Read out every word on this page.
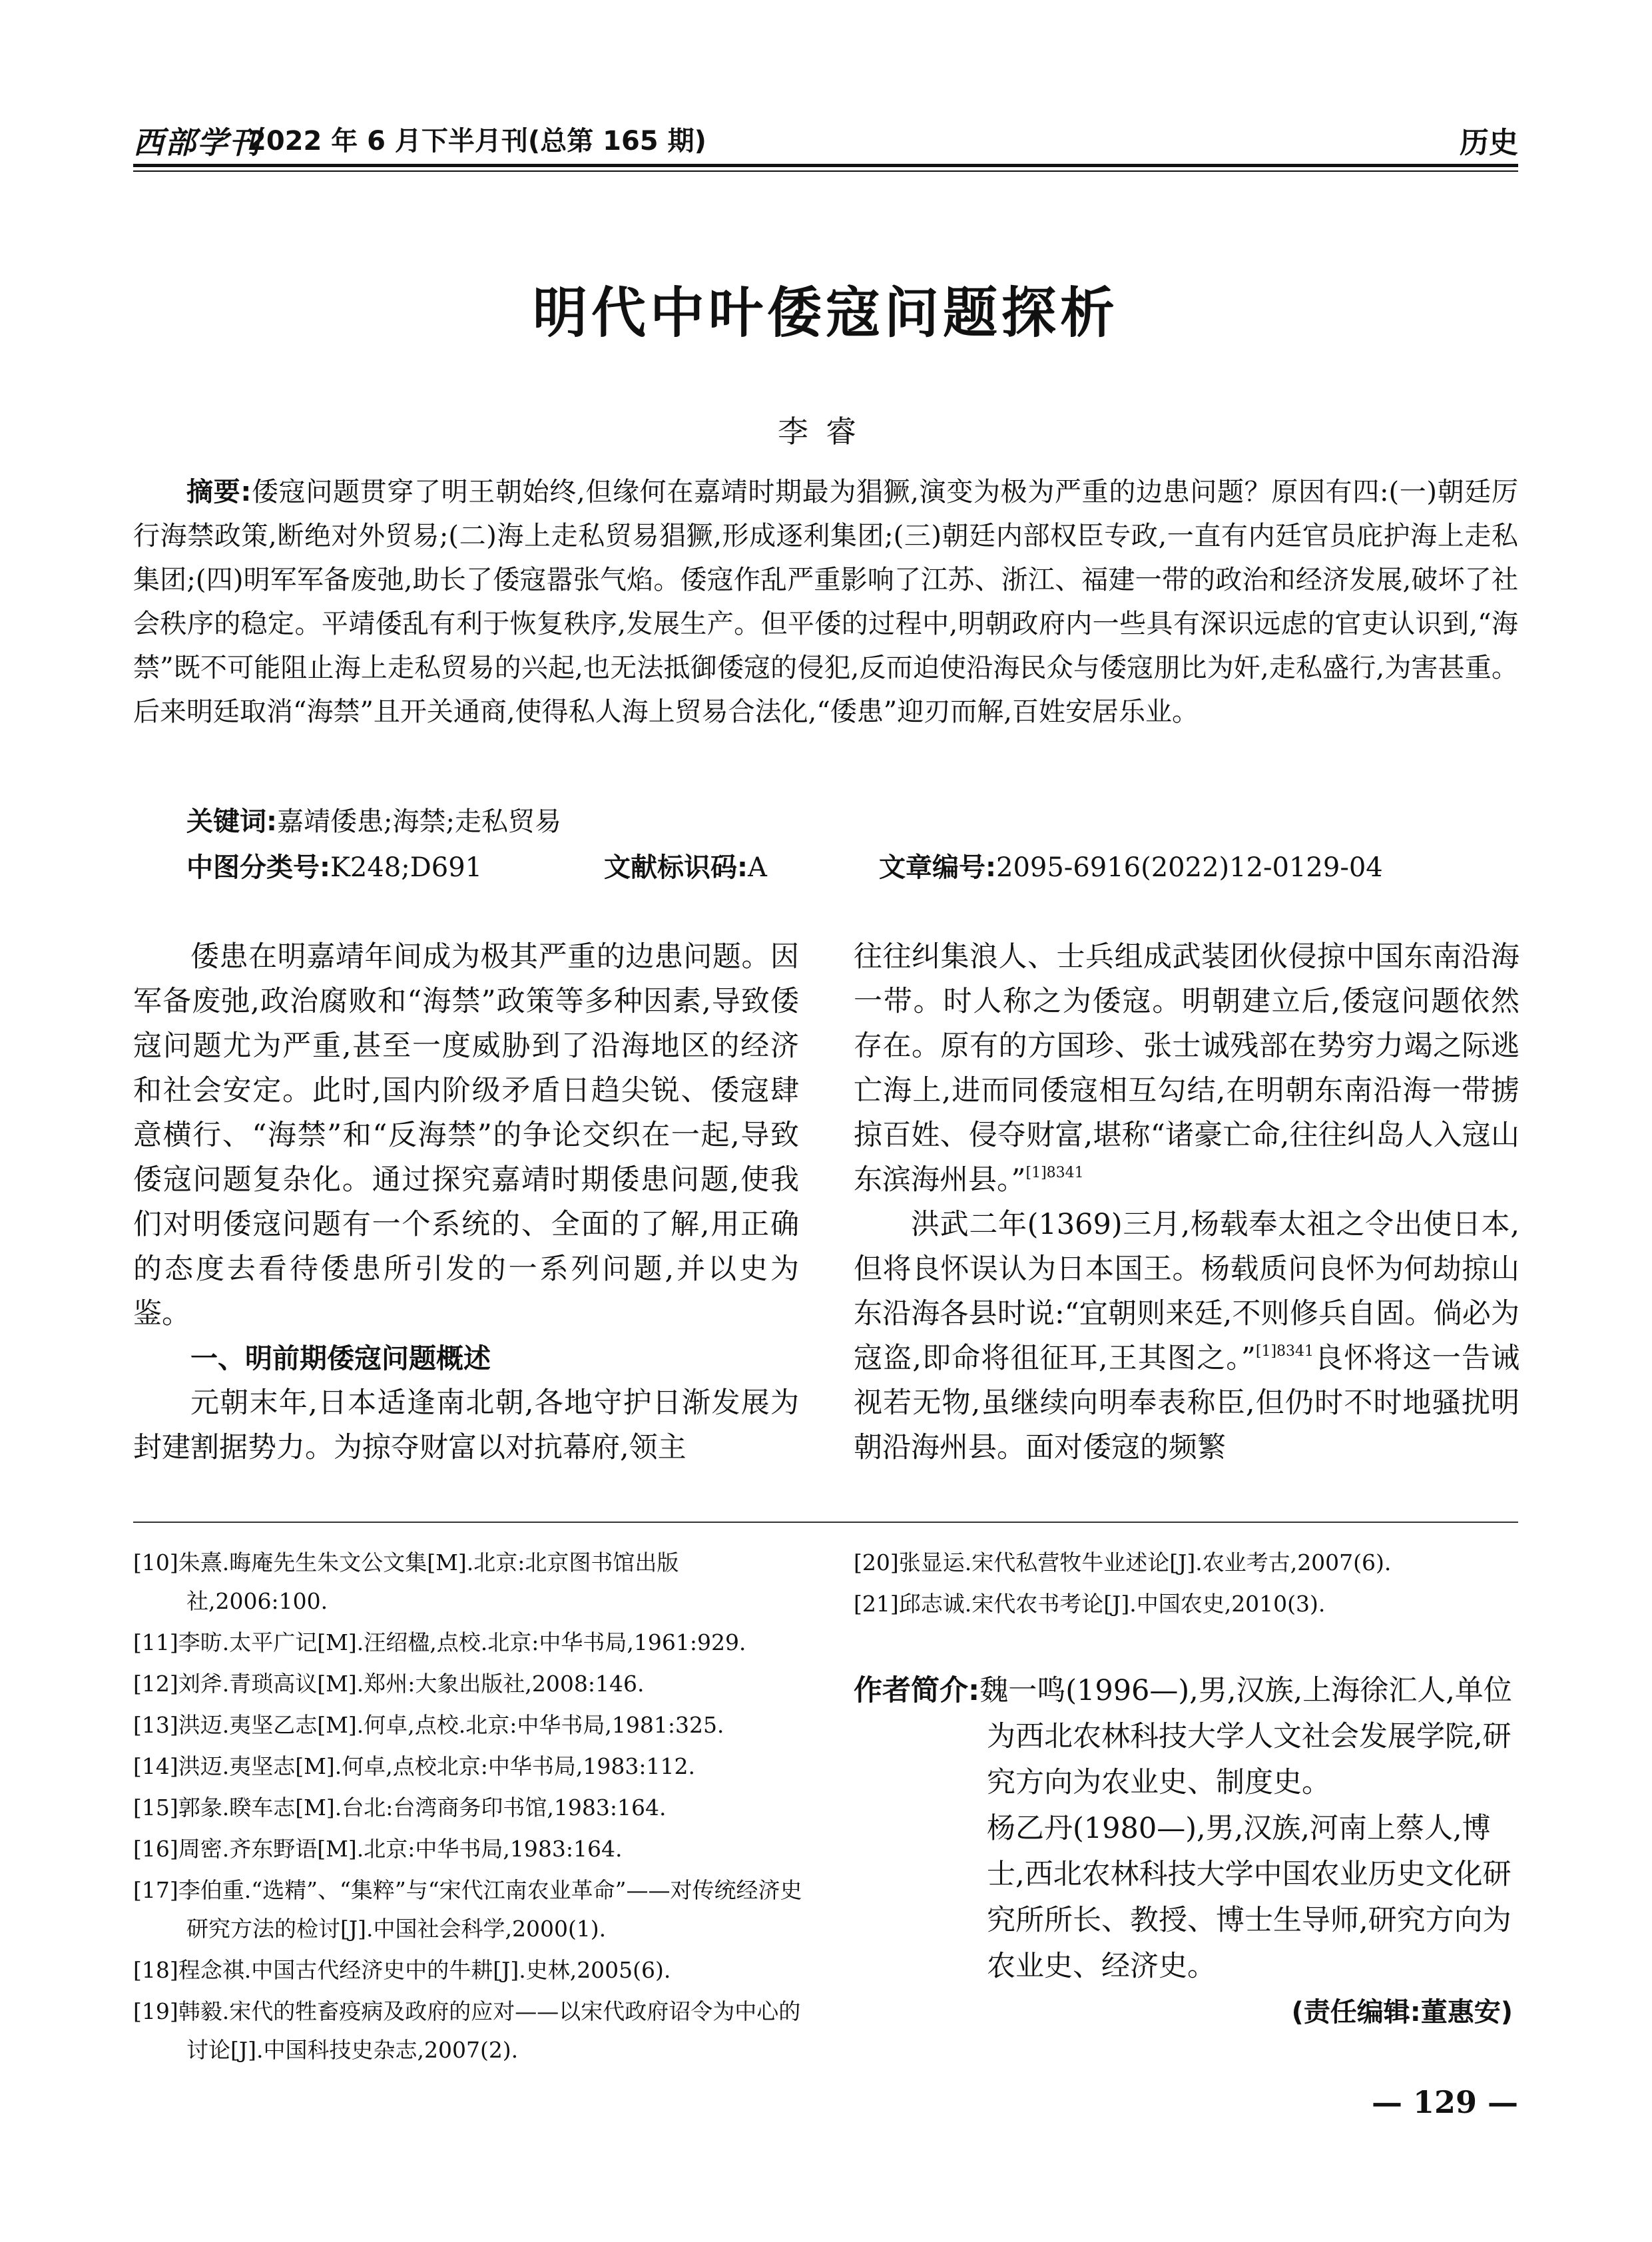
西部学刊
2022 年 6 月下半月刊(总第 165 期)	历史
明代中叶倭寇问题探析
李睿
摘要:倭寇问题贯穿了明王朝始终,但缘何在嘉靖时期最为猖獗,演变为极为严重的边患问题？原因有四:(一)朝廷厉行海禁政策,断绝对外贸易;(二)海上走私贸易猖獗,形成逐利集团;(三)朝廷内部权臣专政,一直有内廷官员庇护海上走私集团;(四)明军军备废弛,助长了倭寇嚣张气焰。倭寇作乱严重影响了江苏、浙江、福建一带的政治和经济发展,破坏了社会秩序的稳定。平靖倭乱有利于恢复秩序,发展生产。但平倭的过程中,明朝政府内一些具有深识远虑的官吏认识到,“海禁”既不可能阻止海上走私贸易的兴起,也无法抵御倭寇的侵犯,反而迫使沿海民众与倭寇朋比为奸,走私盛行,为害甚重。后来明廷取消“海禁”且开关通商,使得私人海上贸易合法化,“倭患”迎刃而解,百姓安居乐业。
关键词:嘉靖倭患;海禁;走私贸易
中图分类号:K248;D691	文献标识码:A	文章编号:2095-6916(2022)12-0129-04

倭患在明嘉靖年间成为极其严重的边患问题。因军备废弛,政治腐败和“海禁”政策等多种因素,导致倭寇问题尤为严重,甚至一度威胁到了沿海地区的经济和社会安定。此时,国内阶级矛盾日趋尖锐、倭寇肆意横行、“海禁”和“反海禁”的争论交织在一起,导致倭寇问题复杂化。通过探究嘉靖时期倭患问题,使我们对明倭寇问题有一个系统的、全面的了解,用正确的态度去看待倭患所引发的一系列问题,并以史为鉴。

一、明前期倭寇问题概述

元朝末年,日本适逢南北朝,各地守护日渐发展为封建割据势力。为掠夺财富以对抗幕府,领主

往往纠集浪人、士兵组成武装团伙侵掠中国东南沿海一带。时人称之为倭寇。明朝建立后,倭寇问题依然存在。原有的方国珍、张士诚残部在势穷力竭之际逃亡海上,进而同倭寇相互勾结,在明朝东南沿海一带掳掠百姓、侵夺财富,堪称“诸豪亡命,往往纠岛人入寇山东滨海州县。”$^{[1]8341}$

洪武二年(1369)三月,杨载奉太祖之令出使日本,但将良怀误认为日本国王。杨载质问良怀为何劫掠山东沿海各县时说:“宜朝则来廷,不则修兵自固。倘必为寇盗,即命将徂征耳,王其图之。”$^{[1]8341}$良怀将这一告诫视若无物,虽继续向明奉表称臣,但仍时不时地骚扰明朝沿海州县。面对倭寇的频繁

[10]朱熹.晦庵先生朱文公文集[M].北京:北京图书馆出版社,2006:100.

[11]李昉.太平广记[M].汪绍楹,点校.北京:中华书局,1961:929.

[12]刘斧.青琐高议[M].郑州:大象出版社,2008:146.

[13]洪迈.夷坚乙志[M].何卓,点校.北京:中华书局,1981:325.

[14]洪迈.夷坚志[M].何卓,点校北京:中华书局,1983:112.

[15]郭彖.睽车志[M].台北:台湾商务印书馆,1983:164.

[16]周密.齐东野语[M].北京:中华书局,1983:164.

[17]李伯重.“选精”、“集粹”与“宋代江南农业革命”——对传统经济史研究方法的检讨[J].中国社会科学,2000(1).

[18]程念祺.中国古代经济史中的牛耕[J].史林,2005(6).

[19]韩毅.宋代的牲畜疫病及政府的应对——以宋代政府诏令为中心的讨论[J].中国科技史杂志,2007(2).

[20]张显运.宋代私营牧牛业述论[J].农业考古,2007(6).

[21]邱志诚.宋代农书考论[J].中国农史,2010(3).

作者简介:魏一鸣(1996—),男,汉族,上海徐汇人,单位为西北农林科技大学人文社会发展学院,研究方向为农业史、制度史。

杨乙丹(1980—),男,汉族,河南上蔡人,博士,西北农林科技大学中国农业历史文化研究所所长、教授、博士生导师,研究方向为农业史、经济史。

(责任编辑:董惠安)
— 129 —
